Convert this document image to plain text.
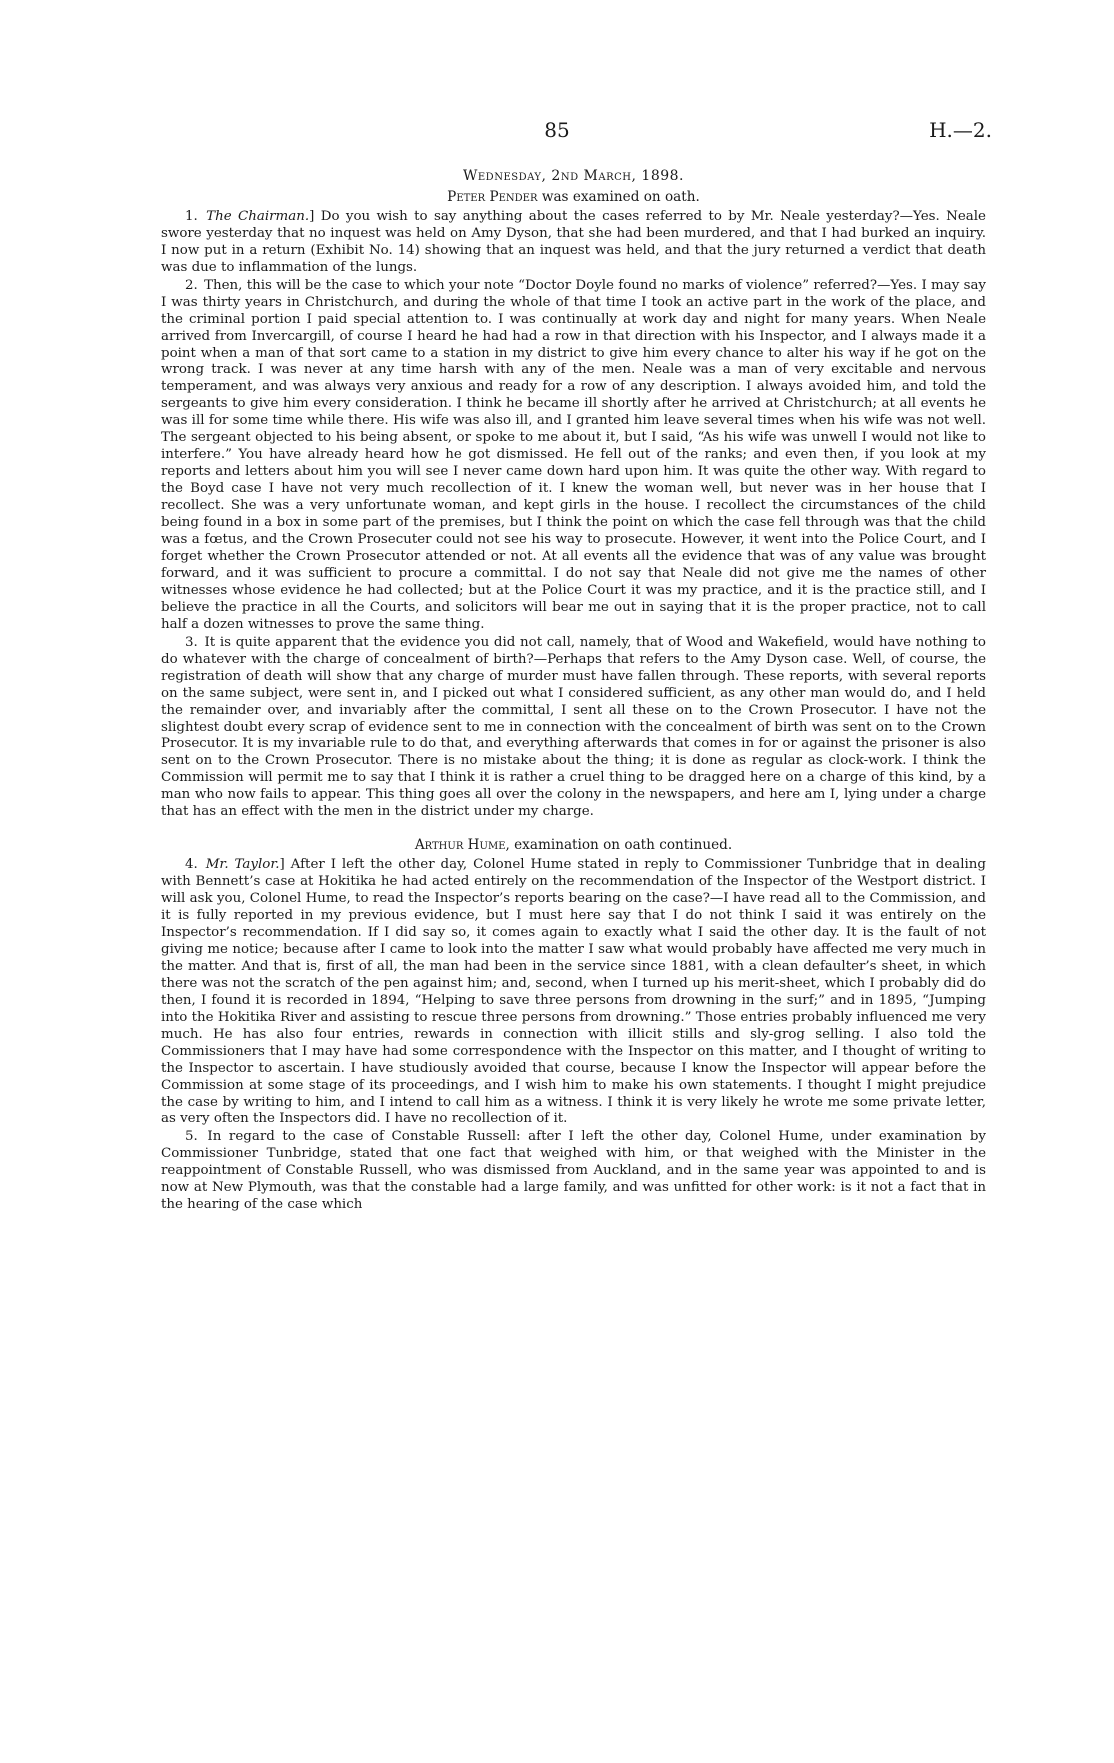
85	H.—2.
Wednesday, 2nd March, 1898.
Peter Pender was examined on oath.

1. The Chairman.] Do you wish to say anything about the cases referred to by Mr. Neale yesterday?—Yes. Neale swore yesterday that no inquest was held on Amy Dyson, that she had been murdered, and that I had burked an inquiry. I now put in a return (Exhibit No. 14) showing that an inquest was held, and that the jury returned a verdict that death was due to inflammation of the lungs.

2. Then, this will be the case to which your note “Doctor Doyle found no marks of violence” referred?—Yes. I may say I was thirty years in Christchurch, and during the whole of that time I took an active part in the work of the place, and the criminal portion I paid special attention to. I was continually at work day and night for many years. When Neale arrived from Invercargill, of course I heard he had had a row in that direction with his Inspector, and I always made it a point when a man of that sort came to a station in my district to give him every chance to alter his way if he got on the wrong track. I was never at any time harsh with any of the men. Neale was a man of very excitable and nervous temperament, and was always very anxious and ready for a row of any description. I always avoided him, and told the sergeants to give him every consideration. I think he became ill shortly after he arrived at Christchurch; at all events he was ill for some time while there. His wife was also ill, and I granted him leave several times when his wife was not well. The sergeant objected to his being absent, or spoke to me about it, but I said, “As his wife was unwell I would not like to interfere.” You have already heard how he got dismissed. He fell out of the ranks; and even then, if you look at my reports and letters about him you will see I never came down hard upon him. It was quite the other way. With regard to the Boyd case I have not very much recollection of it. I knew the woman well, but never was in her house that I recollect. She was a very unfortunate woman, and kept girls in the house. I recollect the circumstances of the child being found in a box in some part of the premises, but I think the point on which the case fell through was that the child was a fœtus, and the Crown Prosecuter could not see his way to prosecute. However, it went into the Police Court, and I forget whether the Crown Prosecutor attended or not. At all events all the evidence that was of any value was brought forward, and it was sufficient to procure a committal. I do not say that Neale did not give me the names of other witnesses whose evidence he had collected; but at the Police Court it was my practice, and it is the practice still, and I believe the practice in all the Courts, and solicitors will bear me out in saying that it is the proper practice, not to call half a dozen witnesses to prove the same thing.

3. It is quite apparent that the evidence you did not call, namely, that of Wood and Wakefield, would have nothing to do whatever with the charge of concealment of birth?—Perhaps that refers to the Amy Dyson case. Well, of course, the registration of death will show that any charge of murder must have fallen through. These reports, with several reports on the same subject, were sent in, and I picked out what I considered sufficient, as any other man would do, and I held the remainder over, and invariably after the committal, I sent all these on to the Crown Prosecutor. I have not the slightest doubt every scrap of evidence sent to me in connection with the concealment of birth was sent on to the Crown Prosecutor. It is my invariable rule to do that, and everything afterwards that comes in for or against the prisoner is also sent on to the Crown Prosecutor. There is no mistake about the thing; it is done as regular as clock-work. I think the Commission will permit me to say that I think it is rather a cruel thing to be dragged here on a charge of this kind, by a man who now fails to appear. This thing goes all over the colony in the newspapers, and here am I, lying under a charge that has an effect with the men in the district under my charge.

Arthur Hume, examination on oath continued.

4. Mr. Taylor.] After I left the other day, Colonel Hume stated in reply to Commissioner Tunbridge that in dealing with Bennett’s case at Hokitika he had acted entirely on the recommendation of the Inspector of the Westport district. I will ask you, Colonel Hume, to read the Inspector’s reports bearing on the case?—I have read all to the Commission, and it is fully reported in my previous evidence, but I must here say that I do not think I said it was entirely on the Inspector’s recommendation. If I did say so, it comes again to exactly what I said the other day. It is the fault of not giving me notice; because after I came to look into the matter I saw what would probably have affected me very much in the matter. And that is, first of all, the man had been in the service since 1881, with a clean defaulter’s sheet, in which there was not the scratch of the pen against him; and, second, when I turned up his merit-sheet, which I probably did do then, I found it is recorded in 1894, “Helping to save three persons from drowning in the surf;” and in 1895, “Jumping into the Hokitika River and assisting to rescue three persons from drowning.” Those entries probably influenced me very much. He has also four entries, rewards in connection with illicit stills and sly-grog selling. I also told the Commissioners that I may have had some correspondence with the Inspector on this matter, and I thought of writing to the Inspector to ascertain. I have studiously avoided that course, because I know the Inspector will appear before the Commission at some stage of its proceedings, and I wish him to make his own statements. I thought I might prejudice the case by writing to him, and I intend to call him as a witness. I think it is very likely he wrote me some private letter, as very often the Inspectors did. I have no recollection of it.

5. In regard to the case of Constable Russell: after I left the other day, Colonel Hume, under examination by Commissioner Tunbridge, stated that one fact that weighed with him, or that weighed with the Minister in the reappointment of Constable Russell, who was dismissed from Auckland, and in the same year was appointed to and is now at New Plymouth, was that the constable had a large family, and was unfitted for other work: is it not a fact that in the hearing of the case which
